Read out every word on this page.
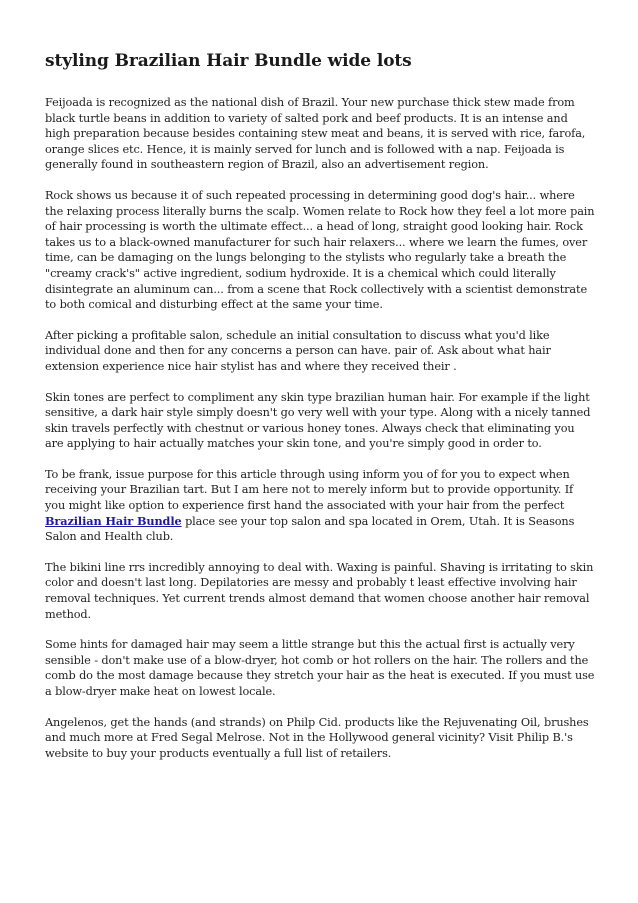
styling Brazilian Hair Bundle wide lots

Feijoada is recognized as the national dish of Brazil. Your new purchase thick stew made from black turtle beans in addition to variety of salted pork and beef products. It is an intense and high preparation because besides containing stew meat and beans, it is served with rice, farofa, orange slices etc. Hence, it is mainly served for lunch and is followed with a nap. Feijoada is generally found in southeastern region of Brazil, also an advertisement region.

Rock shows us because it of such repeated processing in determining good dog's hair... where the relaxing process literally burns the scalp. Women relate to Rock how they feel a lot more pain of hair processing is worth the ultimate effect... a head of long, straight good looking hair. Rock takes us to a black-owned manufacturer for such hair relaxers... where we learn the fumes, over time, can be damaging on the lungs belonging to the stylists who regularly take a breath the "creamy crack's" active ingredient, sodium hydroxide. It is a chemical which could literally disintegrate an aluminum can... from a scene that Rock collectively with a scientist demonstrate to both comical and disturbing effect at the same your time.

After picking a profitable salon, schedule an initial consultation to discuss what you'd like individual done and then for any concerns a person can have. pair of. Ask about what hair extension experience nice hair stylist has and where they received their .

Skin tones are perfect to compliment any skin type brazilian human hair. For example if the light sensitive, a dark hair style simply doesn't go very well with your type. Along with a nicely tanned skin travels perfectly with chestnut or various honey tones. Always check that eliminating you are applying to hair actually matches your skin tone, and you're simply good in order to.

To be frank, issue purpose for this article through using inform you of for you to expect when receiving your Brazilian tart. But I am here not to merely inform but to provide opportunity. If you might like option to experience first hand the associated with your hair from the perfect Brazilian Hair Bundle place see your top salon and spa located in Orem, Utah. It is Seasons Salon and Health club.

The bikini line rrs incredibly annoying to deal with. Waxing is painful. Shaving is irritating to skin color and doesn't last long. Depilatories are messy and probably t least effective involving hair removal techniques. Yet current trends almost demand that women choose another hair removal method.

Some hints for damaged hair may seem a little strange but this the actual first is actually very sensible - don't make use of a blow-dryer, hot comb or hot rollers on the hair. The rollers and the comb do the most damage because they stretch your hair as the heat is executed. If you must use a blow-dryer make heat on lowest locale.

Angelenos, get the hands (and strands) on Philp Cid. products like the Rejuvenating Oil, brushes and much more at Fred Segal Melrose. Not in the Hollywood general vicinity? Visit Philip B.'s website to buy your products eventually a full list of retailers.
